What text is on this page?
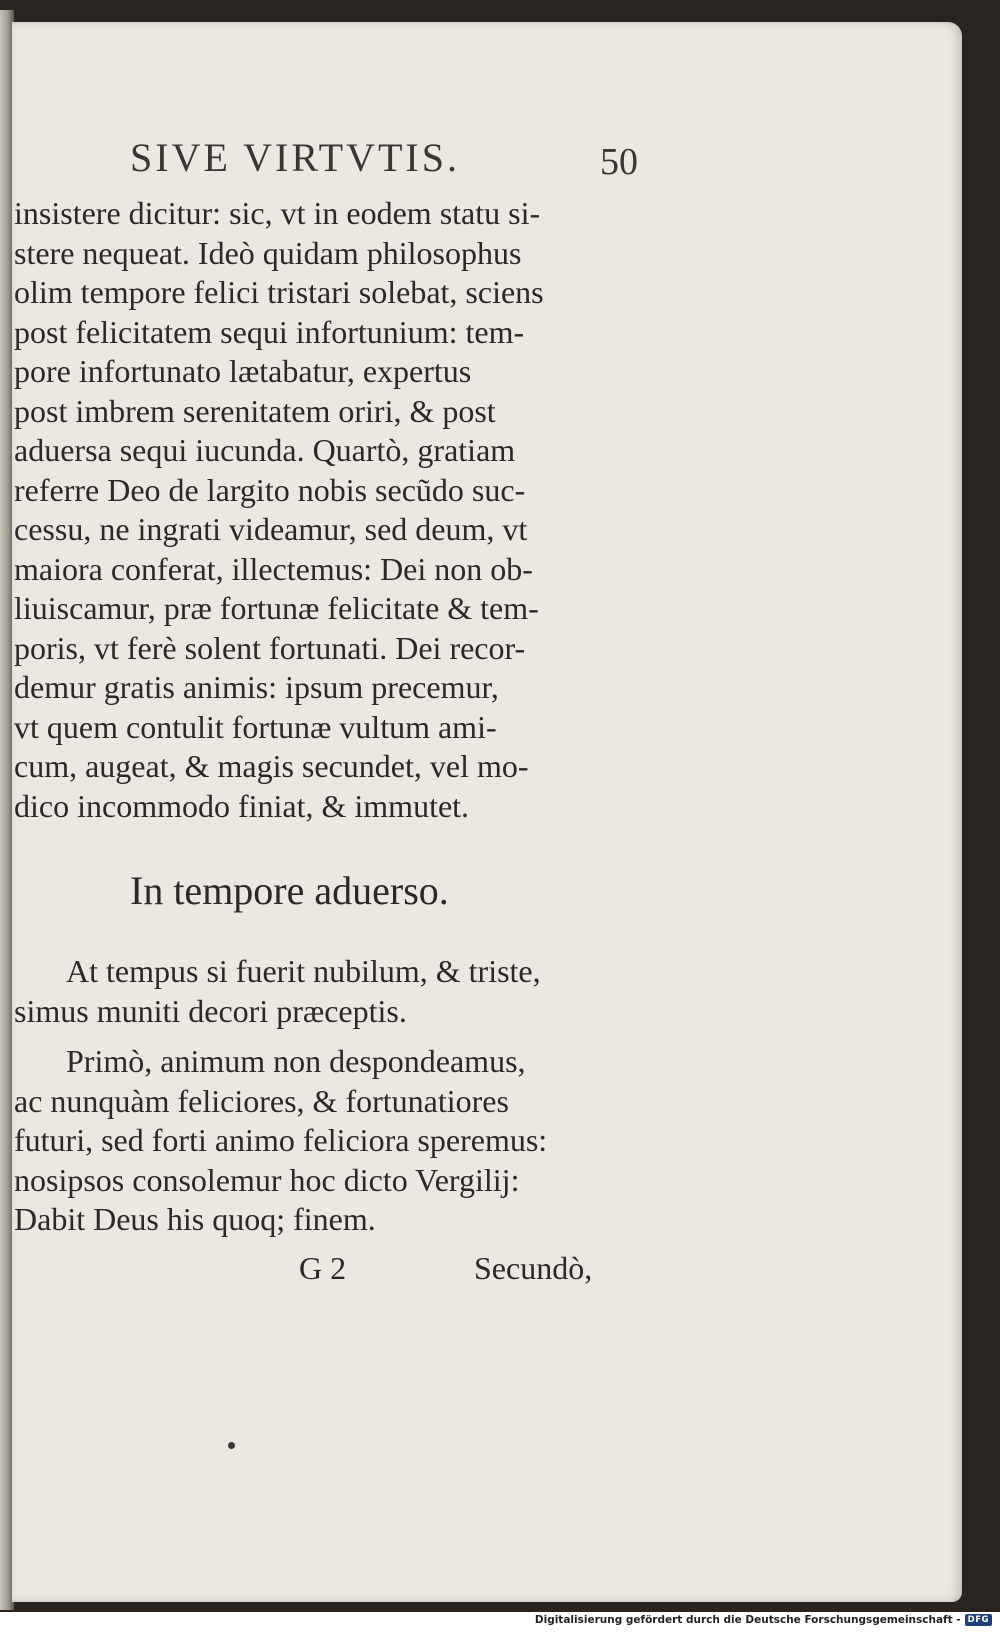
SIVE VIRTVTIS.	50
insistere dicitur: sic, vt in eodem statu si-
stere nequeat. Ideò quidam philosophus
olim tempore felici tristari solebat, sciens
post felicitatem sequi infortunium: tem-
pore infortunato lætabatur, expertus
post imbrem serenitatem oriri, & post
aduersa sequi iucunda. Quartò, gratiam
referre Deo de largito nobis secũdo suc-
cessu, ne ingrati videamur, sed deum, vt
maiora conferat, illectemus: Dei non ob-
liuiscamur, præ fortunæ felicitate & tem-
poris, vt ferè solent fortunati. Dei recor-
demur gratis animis: ipsum precemur,
vt quem contulit fortunæ vultum ami-
cum, augeat, & magis secundet, vel mo-
dico incommodo finiat, & immutet.
In tempore aduerso.
At tempus si fuerit nubilum, & triste,
simus muniti decori præceptis.
Primò, animum non despondeamus,
ac nunquàm feliciores, & fortunatiores
futuri, sed forti animo feliciora speremus:
nosipsos consolemur hoc dicto Vergilij:
Dabit Deus his quoq; finem.
G 2	Secundò,
Digitalisierung gefördert durch die Deutsche Forschungsgemeinschaft - DFG
